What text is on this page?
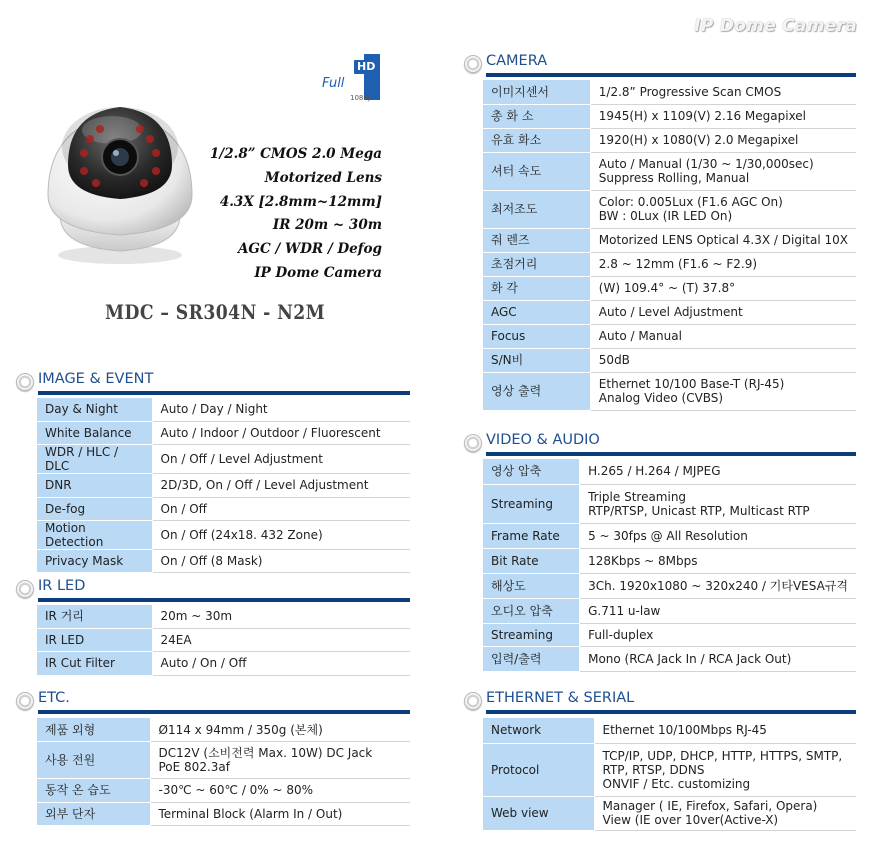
IP Dome Camera
Full
HD
1080p
1/2.8” CMOS 2.0 Mega
Motorized Lens
4.3X [2.8mm~12mm]
IR 20m ~ 30m
AGC / WDR / Defog
IP Dome Camera
MDC – SR304N - N2M
IMAGE & EVENT
IR LED
ETC.
CAMERA
VIDEO & AUDIO
ETHERNET & SERIAL
Day & Night	Auto / Day / Night

White Balance	Auto / Indoor / Outdoor / Fluorescent

WDR / HLC / DLC	On / Off / Level Adjustment

DNR	2D/3D, On / Off / Level Adjustment

De-fog	On / Off

Motion Detection	On / Off (24x18. 432 Zone)

Privacy Mask	On / Off (8 Mask)
IR 거리	20m ~ 30m

IR LED	24EA

IR Cut Filter	Auto / On / Off
제품 외형	Ø114 x 94mm / 350g (본체)

사용 전원	DC12V (소비전력 Max. 10W) DC Jack
PoE 802.3af

동작 온 습도	-30℃ ~ 60℃ / 0% ~ 80%

외부 단자	Terminal Block (Alarm In / Out)
이미지센서	1/2.8” Progressive Scan CMOS

총 화 소	1945(H) x 1109(V) 2.16 Megapixel

유효 화소	1920(H) x 1080(V) 2.0 Megapixel

셔터 속도	Auto / Manual (1/30 ~ 1/30,000sec)
Suppress Rolling, Manual

최저조도	Color: 0.005Lux (F1.6 AGC On)
BW : 0Lux (IR LED On)

줘 렌즈	Motorized LENS Optical 4.3X / Digital 10X

초점거리	2.8 ~ 12mm (F1.6 ~ F2.9)

화 각	(W) 109.4° ~ (T) 37.8°

AGC	Auto / Level Adjustment

Focus	Auto / Manual

S/N비	50dB

영상 출력	Ethernet 10/100 Base-T (RJ-45)
Analog Video (CVBS)
영상 압축	H.265 / H.264 / MJPEG

Streaming	Triple Streaming
RTP/RTSP, Unicast RTP, Multicast RTP

Frame Rate	5 ~ 30fps @ All Resolution

Bit Rate	128Kbps ~ 8Mbps

해상도	3Ch. 1920x1080 ~ 320x240 / 기타VESA규격

오디오 압축	G.711 u-law

Streaming	Full-duplex

입력/출력	Mono (RCA Jack In / RCA Jack Out)
Network	Ethernet 10/100Mbps RJ-45

Protocol	TCP/IP, UDP, DHCP, HTTP, HTTPS, SMTP,
RTP, RTSP, DDNS
ONVIF / Etc. customizing

Web view	Manager ( IE, Firefox, Safari, Opera)
View (IE over 10ver(Active-X)
